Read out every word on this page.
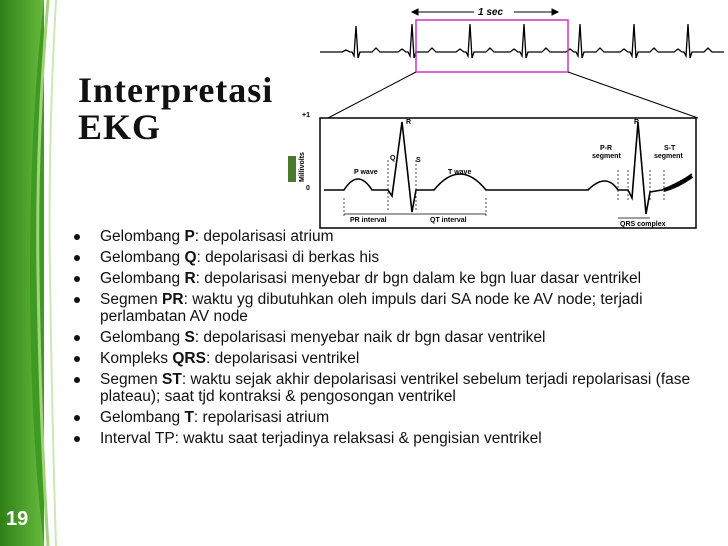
Interpretasi
EKG
1 sec
+1
0
Millivolts
R
Q	S
P wave	T wave
PR interval	QT interval
R
P-R
segment
S-T
segment
QRS complex
Gelombang P: depolarisasi atrium
Gelombang Q: depolarisasi di berkas his
Gelombang R: depolarisasi menyebar dr bgn dalam ke bgn luar dasar ventrikel
Segmen PR: waktu yg dibutuhkan oleh impuls dari SA node ke AV node; terjadi perlambatan AV node
Gelombang S: depolarisasi menyebar naik dr bgn dasar ventrikel
Kompleks QRS: depolarisasi ventrikel
Segmen ST: waktu sejak akhir depolarisasi ventrikel sebelum terjadi repolarisasi (fase plateau); saat tjd kontraksi & pengosongan ventrikel
Gelombang T: repolarisasi atrium
Interval TP: waktu saat terjadinya relaksasi & pengisian ventrikel
19
